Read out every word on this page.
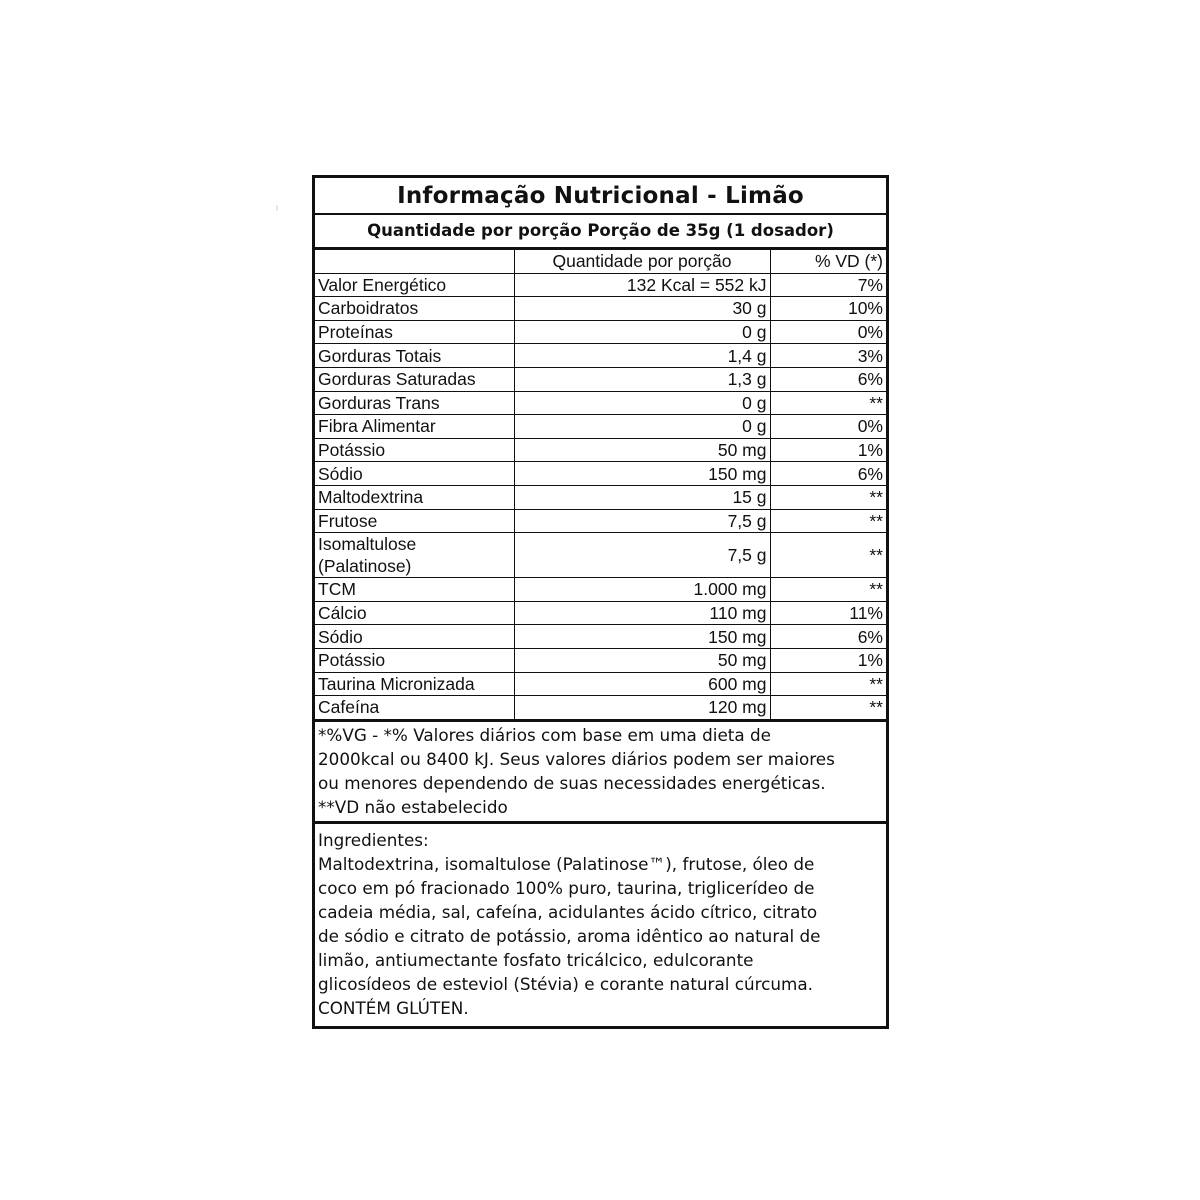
Informação Nutricional - Limão
Quantidade por porção Porção de 35g (1 dosador)
	Quantidade por porção	% VD (*)
Valor Energético	132 Kcal = 552 kJ	7%
Carboidratos	30 g	10%
Proteínas	0 g	0%
Gorduras Totais	1,4 g	3%
Gorduras Saturadas	1,3 g	6%
Gorduras Trans	0 g	**
Fibra Alimentar	0 g	0%
Potássio	50 mg	1%
Sódio	150 mg	6%
Maltodextrina	15 g	**
Frutose	7,5 g	**
Isomaltulose (Palatinose)	7,5 g	**
TCM	1.000 mg	**
Cálcio	110 mg	11%
Sódio	150 mg	6%
Potássio	50 mg	1%
Taurina Micronizada	600 mg	**
Cafeína	120 mg	**
*%VG - *% Valores diários com base em uma dieta de
2000kcal ou 8400 kJ. Seus valores diários podem ser maiores
ou menores dependendo de suas necessidades energéticas.
**VD não estabelecido
Ingredientes:
Maltodextrina, isomaltulose (Palatinose™), frutose, óleo de
coco em pó fracionado 100% puro, taurina, triglicerídeo de
cadeia média, sal, cafeína, acidulantes ácido cítrico, citrato
de sódio e citrato de potássio, aroma idêntico ao natural de
limão, antiumectante fosfato tricálcico, edulcorante
glicosídeos de esteviol (Stévia) e corante natural cúrcuma.
CONTÉM GLÚTEN.
